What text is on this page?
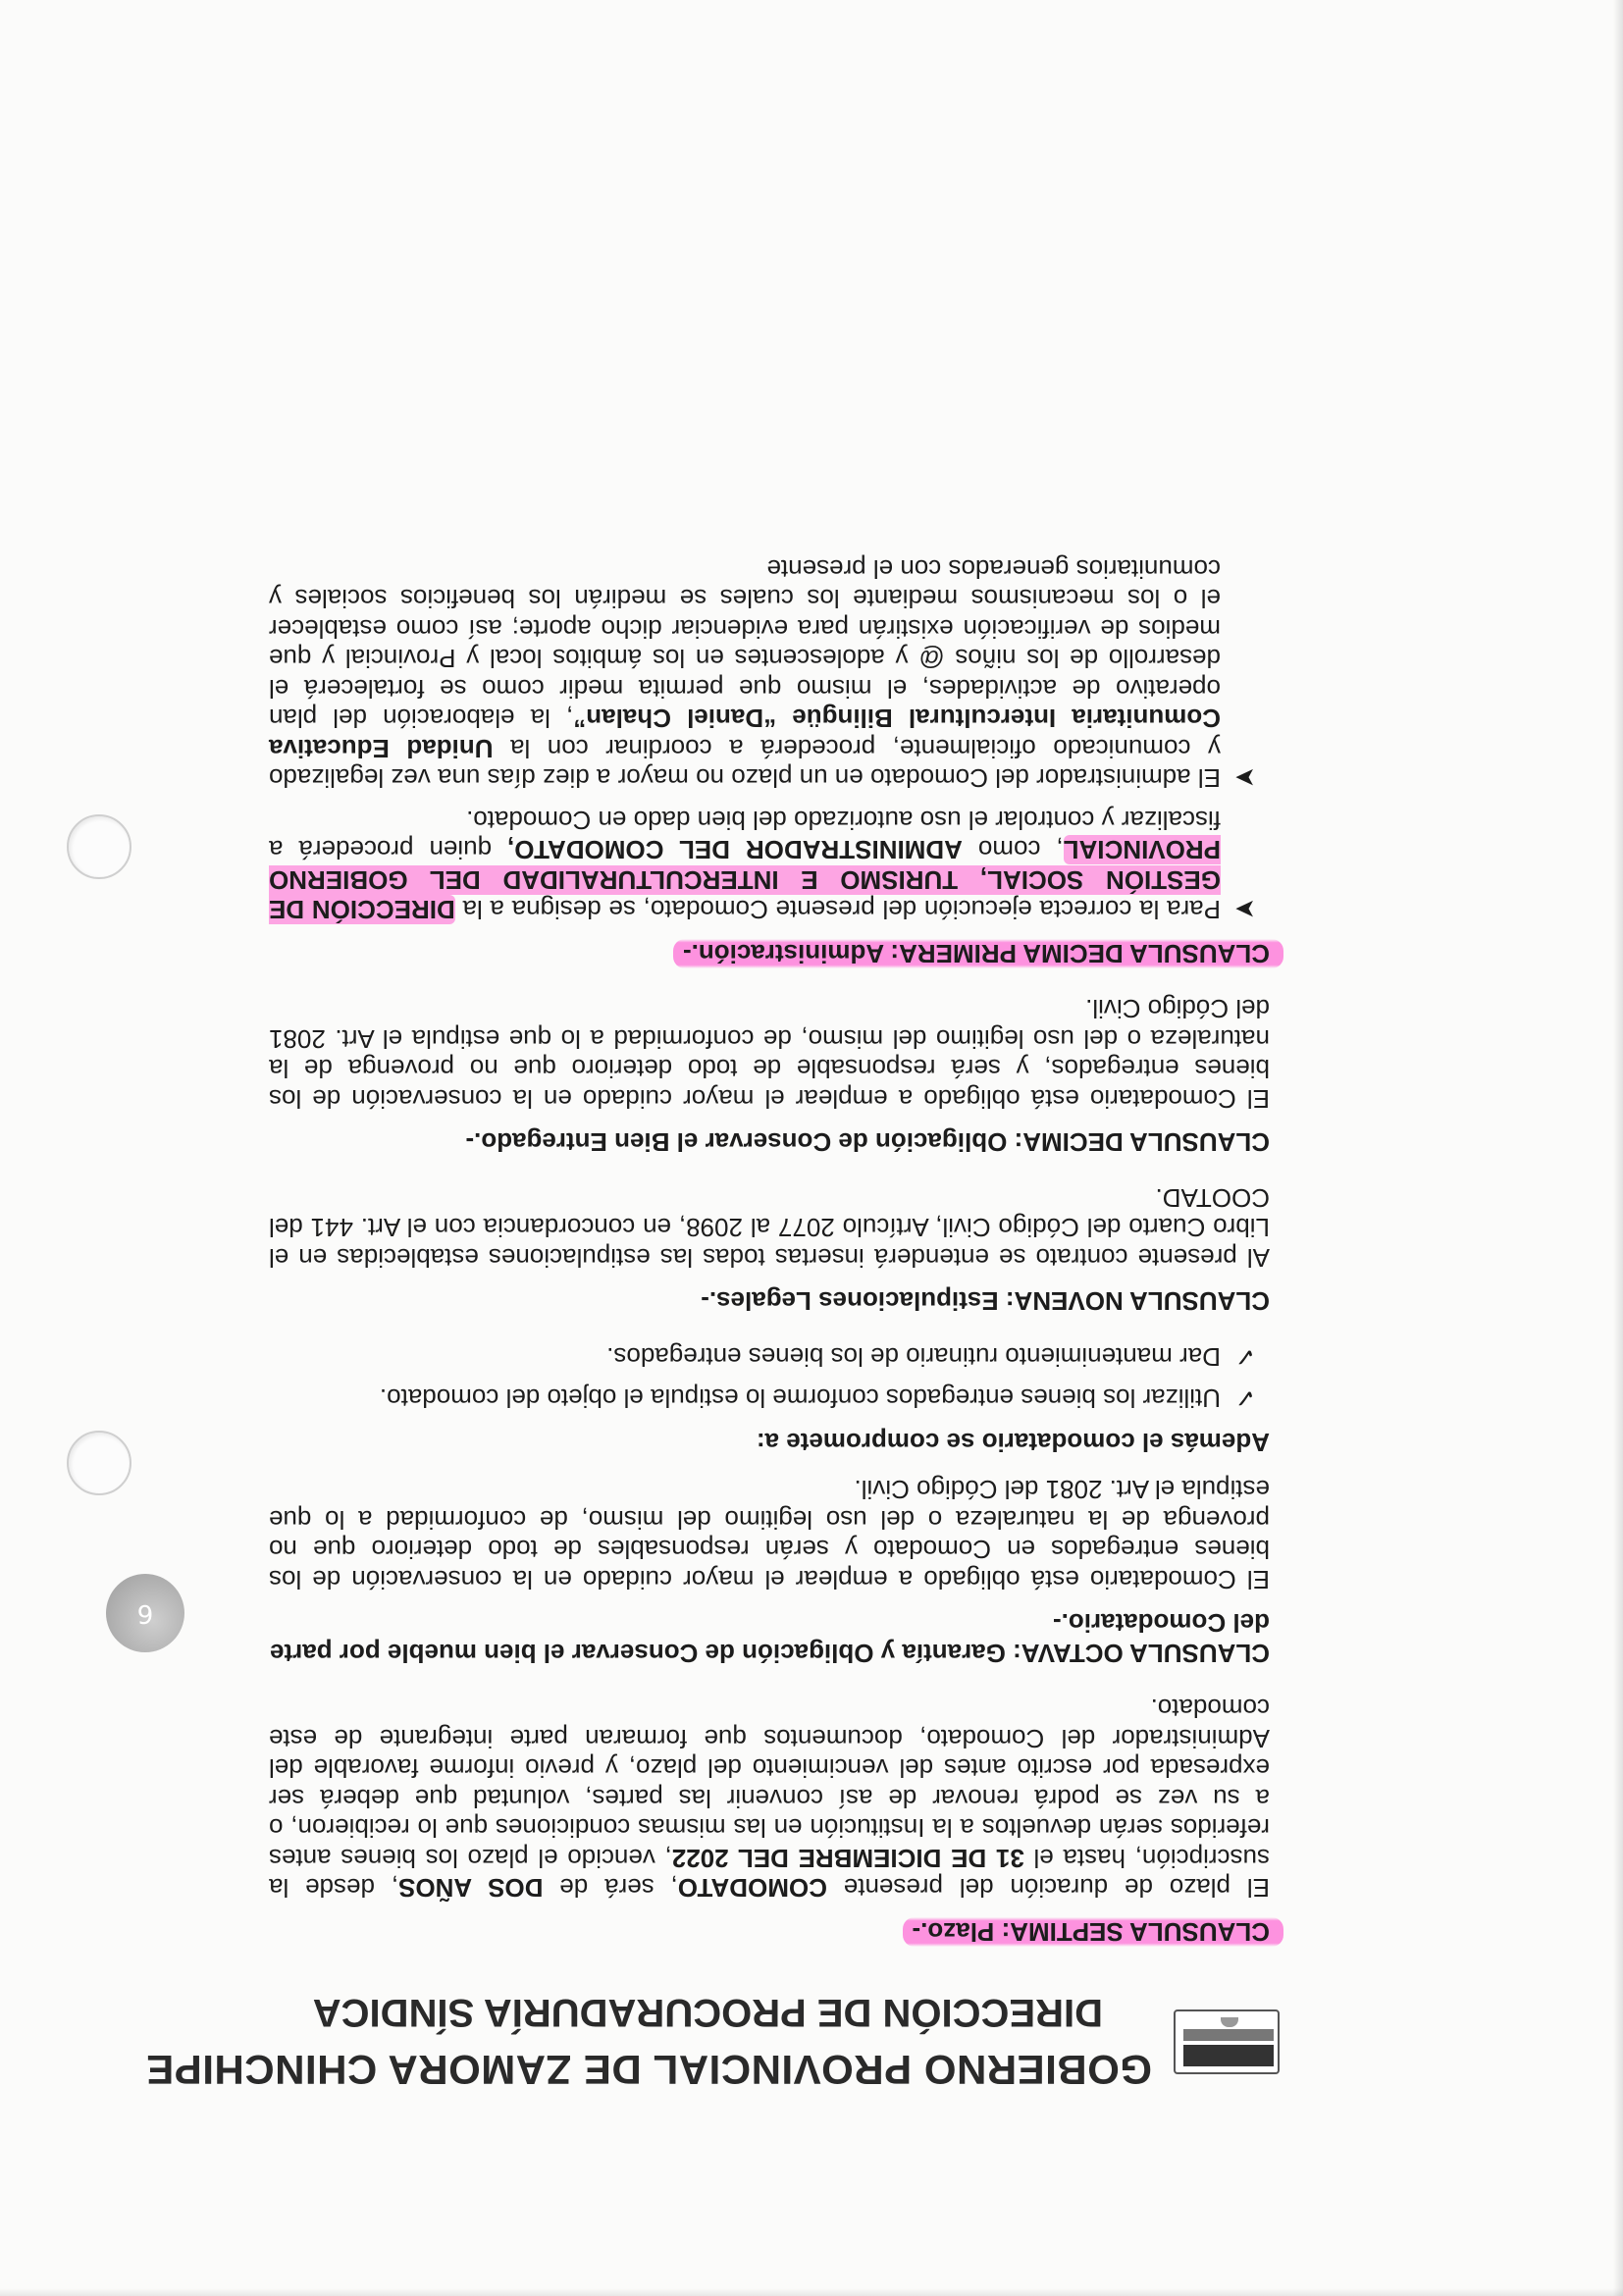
GOBIERNO PROVINCIAL DE ZAMORA CHINCHIPE
DIRECCIÓN DE PROCURADURÍA SÍNDICA
CLAUSULA SEPTIMA: Plazo.-

El plazo de duración del presente COMODATO, será de DOS AÑOS, desde la suscripción, hasta el 31 DE DICIEMBRE DEL 2022, vencido el plazo los bienes antes referidos serán devueltos a la Institución en las mismas condiciones que lo recibieron, o a su vez se podrá renovar de así convenir las partes, voluntad que deberá ser expresada por escrito antes del vencimiento del plazo, y previo informe favorable del Administrador del Comodato, documentos que formaran parte integrante de este comodato.

CLAUSULA OCTAVA: Garantía y Obligación de Conservar el bien mueble por parte del Comodatario.-

El Comodatario está obligado a emplear el mayor cuidado en la conservación de los bienes entregados en Comodato y serán responsables de todo deterioro que no provenga de la naturaleza o del uso legitimo del mismo, de conformidad a lo que estipula el Art. 2081 del Código Civil.

Además el comodatario se compromete a:
✓
Utilizar los bienes entregados conforme lo estipula el objeto del comodato.
✓
Dar mantenimiento rutinario de los bienes entregados.
CLAUSULA NOVENA: Estipulaciones Legales.-

Al presente contrato se entenderá insertas todas las estipulaciones establecidas en el Libro Cuarto del Código Civil, Artículo 2077 al 2098, en concordancia con el Art. 441 del COOTAD.

CLAUSULA DECIMA: Obligación de Conservar el Bien Entregado.-

El Comodatario está obligado a emplear el mayor cuidado en la conservación de los bienes entregados, y será responsable de todo deterioro que no provenga de la naturaleza o del uso legitimo del mismo, de conformidad a lo que estipula el Art. 2081 del Código Civil.

CLAUSULA DECIMA PRIMERA: Administración.-
➤
Para la correcta ejecución del presente Comodato, se designa a la DIRECCIÓN DE GESTIÓN SOCIAL, TURISMO E INTERCULTURALIDAD DEL GOBIERNO PROVINCIAL, como ADMINISTRADOR DEL COMODATO, quien procederá a fiscalizar y controlar el uso autorizado del bien dado en Comodato.
➤
El administrador del Comodato en un plazo no mayor a diez días una vez legalizado y comunicado oficialmente, procederá a coordinar con la Unidad Educativa Comunitaria Intercultural Bilingüe “Daniel Chalan”, la elaboración del plan operativo de actividades, el mismo que permita medir como se fortalecerá el desarrollo de los niños @ y adolescentes en los ámbitos local y Provincial y que medios de verificación existirán para evidenciar dicho aporte; así como establecer el o los mecanismos mediante los cuales se medirán los beneficios sociales y comunitarios generados con el presente
6
